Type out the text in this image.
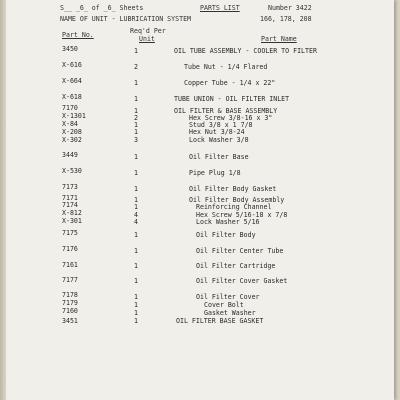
S__ _6_ of _6_ Sheets	PARTS LIST	Number 3422
NAME OF UNIT - LUBRICATION SYSTEM	166, 178, 208
Part No.	Req'd Per
Unit	Part Name
3450	1	OIL TUBE ASSEMBLY - COOLER TO FILTER
X-616	2	Tube Nut - 1/4 Flared
X-664	1	Copper Tube - 1/4 x 22"
X-618	1	TUBE UNION - OIL FILTER INLET
7170	1	OIL FILTER & BASE ASSEMBLY
X-1301	2	Hex Screw 3/8-16 x 3"
X-84	1	Stud 3/8 x 1 7/8
X-208	1	Hex Nut 3/8-24
X-302	3	Lock Washer 3/8
3449	1	Oil Filter Base
X-530	1	Pipe Plug 1/8
7173	1	Oil Filter Body Gasket
7171	1	Oil Filter Body Assembly
7174	1	Reinforcing Channel
X-812	4	Hex Screw 5/16-18 x 7/8
X-301	4	Lock Washer 5/16
7175	1	Oil Filter Body
7176	1	Oil Filter Center Tube
7161	1	Oil Filter Cartridge
7177	1	Oil Filter Cover Gasket
7178	1	Oil Filter Cover
7179	1	Cover Bolt
7160	1	Gasket Washer
3451	1	OIL FILTER BASE GASKET
